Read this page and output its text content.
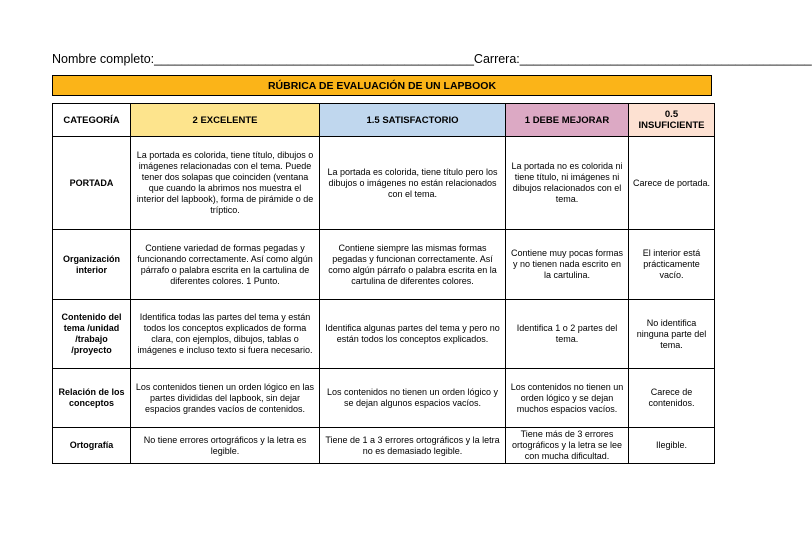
Nombre completo:______________________________________________Carrera:__________________________________________
RÚBRICA DE EVALUACIÓN DE UN LAPBOOK
CATEGORÍA	2 EXCELENTE	1.5 SATISFACTORIO	1 DEBE MEJORAR	0.5 INSUFICIENTE
PORTADA	La portada es colorida, tiene título, dibujos o imágenes relacionadas con el tema. Puede tener dos solapas que coinciden (ventana que cuando la abrimos nos muestra el interior del lapbook), forma de pirámide o de tríptico.	La portada es colorida, tiene título pero los dibujos o imágenes no están relacionados con el tema.	La portada no es colorida ni tiene título, ni imágenes ni dibujos relacionados con el tema.	Carece de portada.
Organización interior	Contiene variedad de formas pegadas y funcionando correctamente. Así como algún párrafo o palabra escrita en la cartulina de diferentes colores. 1 Punto.	Contiene siempre las mismas formas pegadas y funcionan correctamente. Así como algún párrafo o palabra escrita en la cartulina de diferentes colores.	Contiene muy pocas formas y no tienen nada escrito en la cartulina.	El interior está prácticamente vacío.
Contenido del tema /unidad /trabajo /proyecto	Identifica todas las partes del tema y están todos los conceptos explicados de forma clara, con ejemplos, dibujos, tablas o imágenes e incluso texto si fuera necesario.	Identifica algunas partes del tema y pero no están todos los conceptos explicados.	Identifica 1 o 2 partes del tema.	No identifica ninguna parte del tema.
Relación de los conceptos	Los contenidos tienen un orden lógico en las partes divididas del lapbook, sin dejar espacios grandes vacíos de contenidos.	Los contenidos no tienen un orden lógico y se dejan algunos espacios vacíos.	Los contenidos no tienen un orden lógico y se dejan muchos espacios vacíos.	Carece de contenidos.
Ortografía	No tiene errores ortográficos y la letra es legible.	Tiene de 1 a 3 errores ortográficos y la letra no es demasiado legible.	Tiene más de 3 errores ortográficos y la letra se lee con mucha dificultad.	Ilegible.
